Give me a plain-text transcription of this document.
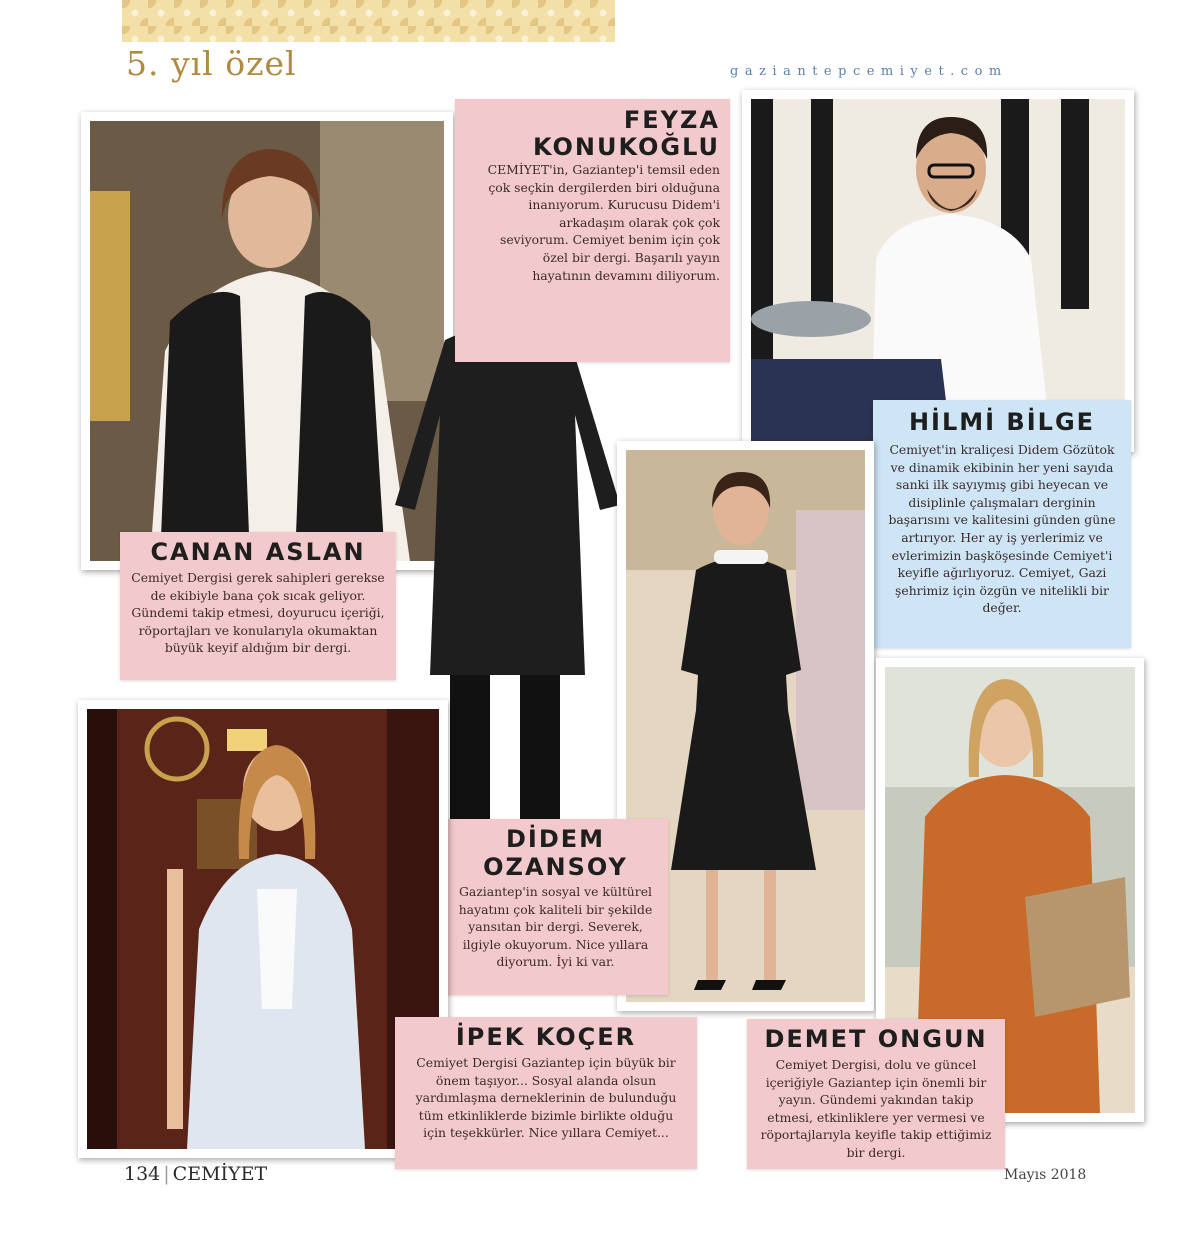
5. yıl özel	gaziantepcemiyet.com
FEYZA
KONUKOĞLU
CEMİYET'in, Gaziantep'i temsil eden çok seçkin dergilerden biri olduğuna inanıyorum. Kurucusu Didem'i arkadaşım olarak çok çok seviyorum. Cemiyet benim için çok özel bir dergi. Başarılı yayın hayatının devamını diliyorum.
HİLMİ BİLGE
Cemiyet'in kraliçesi Didem Gözütok ve dinamik ekibinin her yeni sayıda sanki ilk sayıymış gibi heyecan ve disiplinle çalışmaları derginin başarısını ve kalitesini günden güne artırıyor. Her ay iş yerlerimiz ve evlerimizin başköşesinde Cemiyet'i keyifle ağırlıyoruz. Cemiyet, Gazi şehrimiz için özgün ve nitelikli bir değer.
CANAN ASLAN
Cemiyet Dergisi gerek sahipleri gerekse de ekibiyle bana çok sıcak geliyor. Gündemi takip etmesi, doyurucu içeriği, röportajları ve konularıyla okumaktan büyük keyif aldığım bir dergi.
DİDEM
OZANSOY
Gaziantep'in sosyal ve kültürel hayatını çok kaliteli bir şekilde yansıtan bir dergi. Severek, ilgiyle okuyorum. Nice yıllara diyorum. İyi ki var.
İPEK KOÇER
Cemiyet Dergisi Gaziantep için büyük bir önem taşıyor... Sosyal alanda olsun yardımlaşma derneklerinin de bulunduğu tüm etkinliklerde bizimle birlikte olduğu için teşekkürler. Nice yıllara Cemiyet...
DEMET ONGUN
Cemiyet Dergisi, dolu ve güncel içeriğiyle Gaziantep için önemli bir yayın. Gündemi yakından takip etmesi, etkinliklere yer vermesi ve röportajlarıyla keyifle takip ettiğimiz bir dergi.
134 | CEMİYET	Mayıs 2018
